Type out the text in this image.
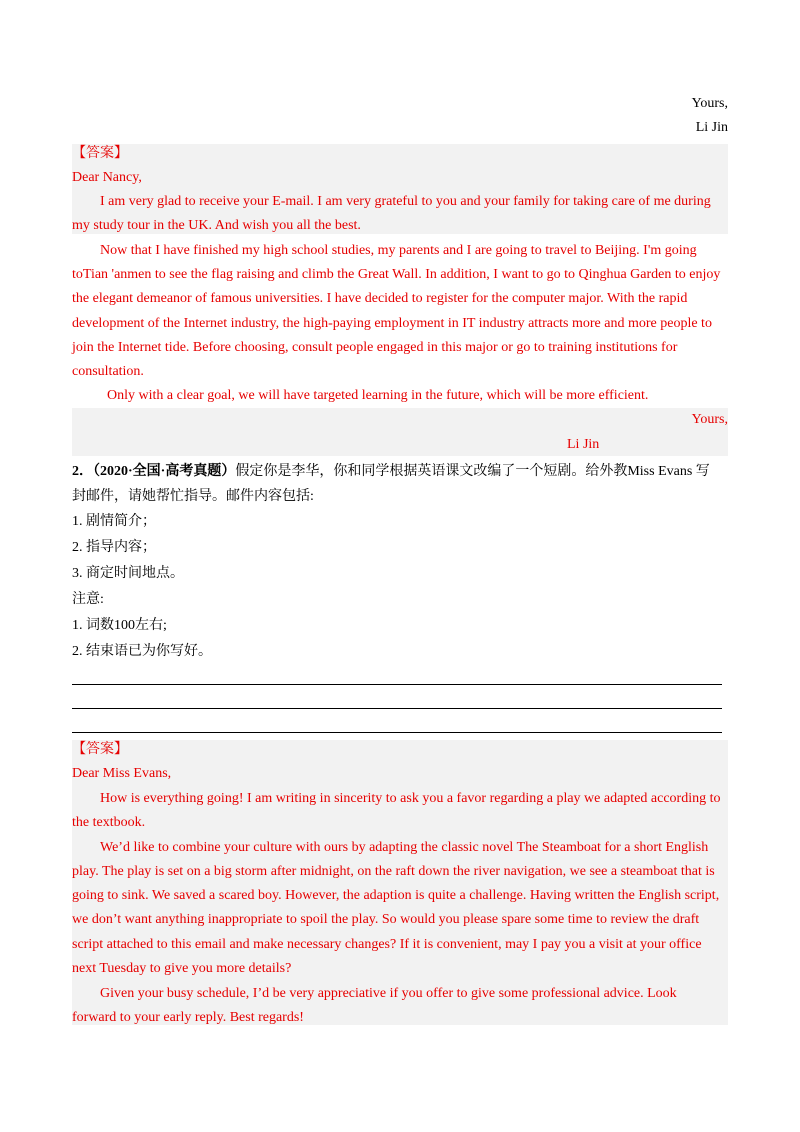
Yours,
Li Jin
【答案】
Dear Nancy,
I am very glad to receive your E-mail. I am very grateful to you and your family for taking care of me during
my study tour in the UK. And wish you all the best.
Now that I have finished my high school studies, my parents and I are going to travel to Beijing. I'm going
toTian 'anmen to see the flag raising and climb the Great Wall. In addition, I want to go to Qinghua Garden to enjoy
the elegant demeanor of famous universities. I have decided to register for the computer major. With the rapid
development of the Internet industry, the high-paying employment in IT industry attracts more and more people to
join the Internet tide. Before choosing, consult people engaged in this major or go to training institutions for
consultation.
Only with a clear goal, we will have targeted learning in the future, which will be more efficient.
Yours,
Li Jin
2．（2020·全国·高考真题）假定你是李华，你和同学根据英语课文改编了一个短剧。给外教Miss Evans 写
封邮件，请她帮忙指导。邮件内容包括:
1. 剧情简介；
2. 指导内容；
3. 商定时间地点。
注意:
1. 词数100左右;
2. 结束语已为你写好。
【答案】
Dear Miss Evans,
How is everything going! I am writing in sincerity to ask you a favor regarding a play we adapted according to
the textbook.
We’d like to combine your culture with ours by adapting the classic novel The Steamboat for a short English
play. The play is set on a big storm after midnight, on the raft down the river navigation, we see a steamboat that is
going to sink. We saved a scared boy. However, the adaption is quite a challenge. Having written the English script,
we don’t want anything inappropriate to spoil the play. So would you please spare some time to review the draft
script attached to this email and make necessary changes? If it is convenient, may I pay you a visit at your office
next Tuesday to give you more details?
Given your busy schedule, I’d be very appreciative if you offer to give some professional advice. Look
forward to your early reply. Best regards!
